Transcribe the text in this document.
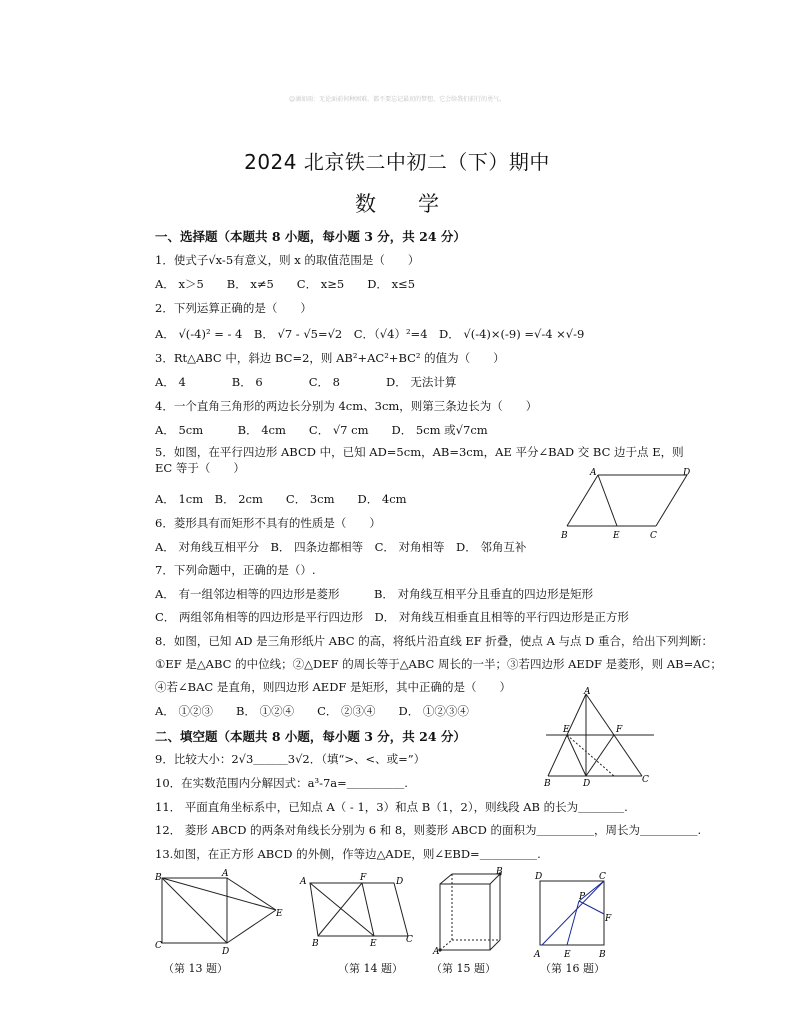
☺滴如雨：无论面前何种困难，都不要忘记最初的梦想，它会给我们前行的勇气。
2024 北京铁二中初二（下）期中
数　　学
一、选择题（本题共 8 小题，每小题 3 分，共 24 分）
1．使式子√x-5有意义，则 x 的取值范围是（　　）
A． x＞5　　B． x≠5　　C． x≥5　　D． x≤5
2．下列运算正确的是（　　）
A． √(-4)² = - 4　B． √7 - √5=√2　C．（√4）²=4　D． √(-4)×(-9) =√-4 ×√-9
3．Rt△ABC 中，斜边 BC=2，则 AB²+AC²+BC² 的值为（　　）
A． 4　　　　B． 6　　　　C． 8　　　　D． 无法计算
4．一个直角三角形的两边长分别为 4cm、3cm，则第三条边长为（　　）
A． 5cm　　　B． 4cm　　C． √7 cm　　D． 5cm 或√7cm
5．如图，在平行四边形 ABCD 中，已知 AD=5cm，AB=3cm，AE 平分∠BAD 交 BC 边于点 E，则 EC 等于（　　）
A． 1cm　B． 2cm　　C． 3cm　　D． 4cm
A	D
B	E	C
6．菱形具有而矩形不具有的性质是（　　）
A． 对角线互相平分　B． 四条边都相等　C． 对角相等　D． 邻角互补
7．下列命题中，正确的是（）.
A． 有一组邻边相等的四边形是菱形　　　B． 对角线互相平分且垂直的四边形是矩形
C． 两组邻角相等的四边形是平行四边形　D． 对角线互相垂直且相等的平行四边形是正方形
8．如图，已知 AD 是三角形纸片 ABC 的高，将纸片沿直线 EF 折叠，使点 A 与点 D 重合，给出下列判断：
①EF 是△ABC 的中位线；②△DEF 的周长等于△ABC 周长的一半；③若四边形 AEDF 是菱形，则 AB=AC；
④若∠BAC 是直角，则四边形 AEDF 是矩形，其中正确的是（　　）
A． ①②③　　B． ①②④　　C． ②③④　　D． ①②③④
A
E	F
B	D	C
二、填空题（本题共 8 小题，每小题 3 分，共 24 分）
9．比较大小：2√3＿＿＿3√2．（填“>、<、或=”）
10．在实数范围内分解因式：a³-7a=＿＿＿＿＿.
11． 平面直角坐标系中，已知点 A（ - 1，3）和点 B（1，2），则线段 AB 的长为＿＿＿＿.
12． 菱形 ABCD 的两条对角线长分别为 6 和 8，则菱形 ABCD 的面积为＿＿＿＿＿，周长为＿＿＿＿＿.
13.如图，在正方形 ABCD 的外侧，作等边△ADE，则∠EBD=＿＿＿＿＿.
B	A
E
C
D
A	F	D
B	E	C
B
A
D	C
P
F
A	E	B
（第 13 题）	（第 14 题）	（第 15 题）	（第 16 题）
